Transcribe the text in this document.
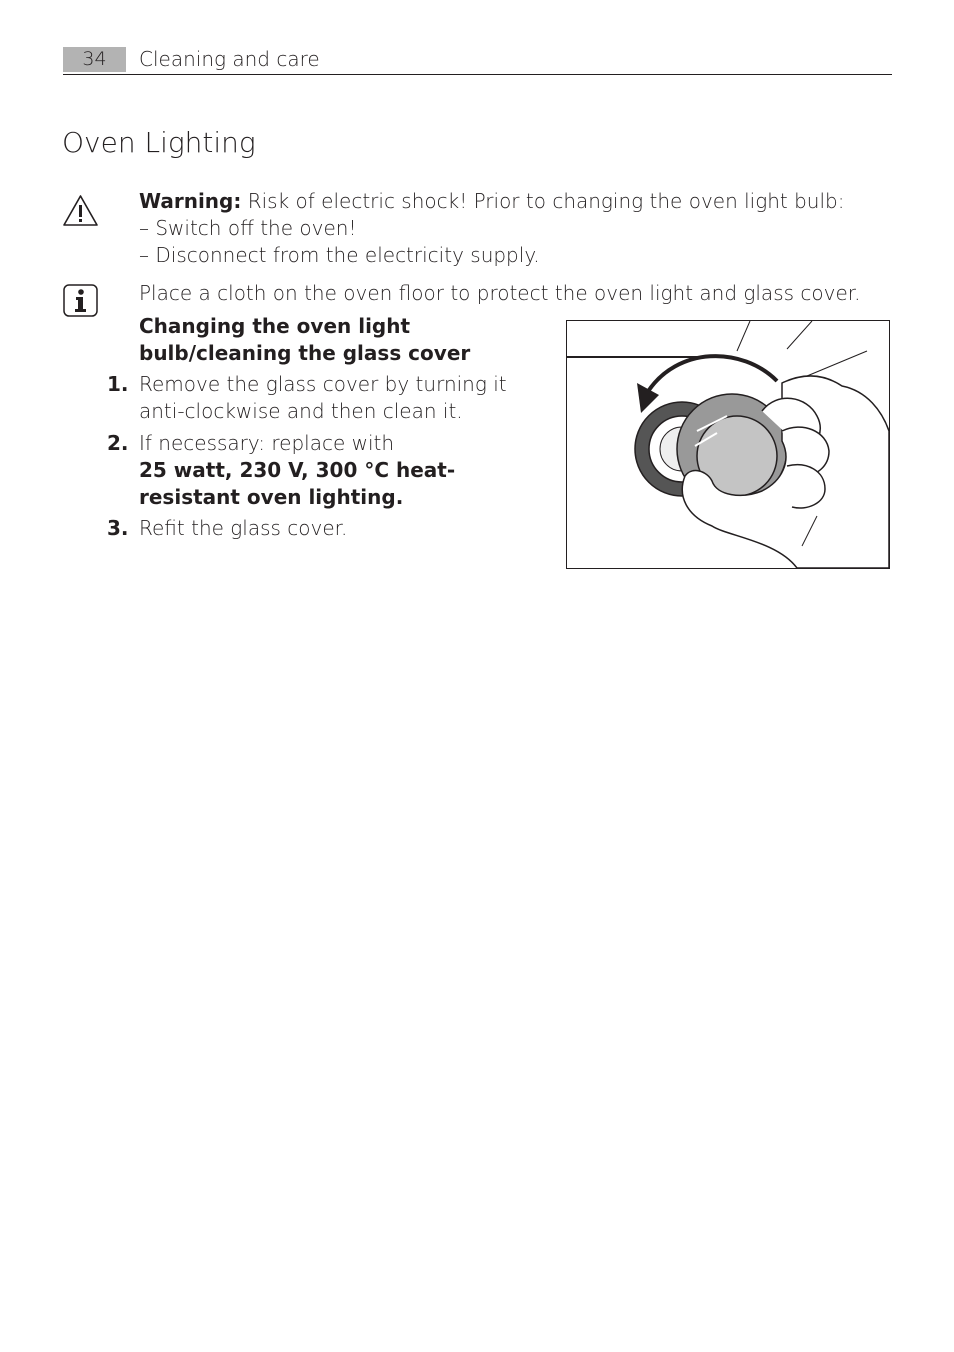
34	Cleaning and care
Oven Lighting
Warning: Risk of electric shock! Prior to changing the oven light bulb:
– Switch off the oven!
– Disconnect from the electricity supply.
Place a cloth on the oven floor to protect the oven light and glass cover.
Changing the oven light bulb/cleaning the glass cover
1. Remove the glass cover by turning it anti-clockwise and then clean it.
2. If necessary: replace with
25 watt, 230 V, 300 °C heat-resistant oven lighting.
3. Refit the glass cover.
